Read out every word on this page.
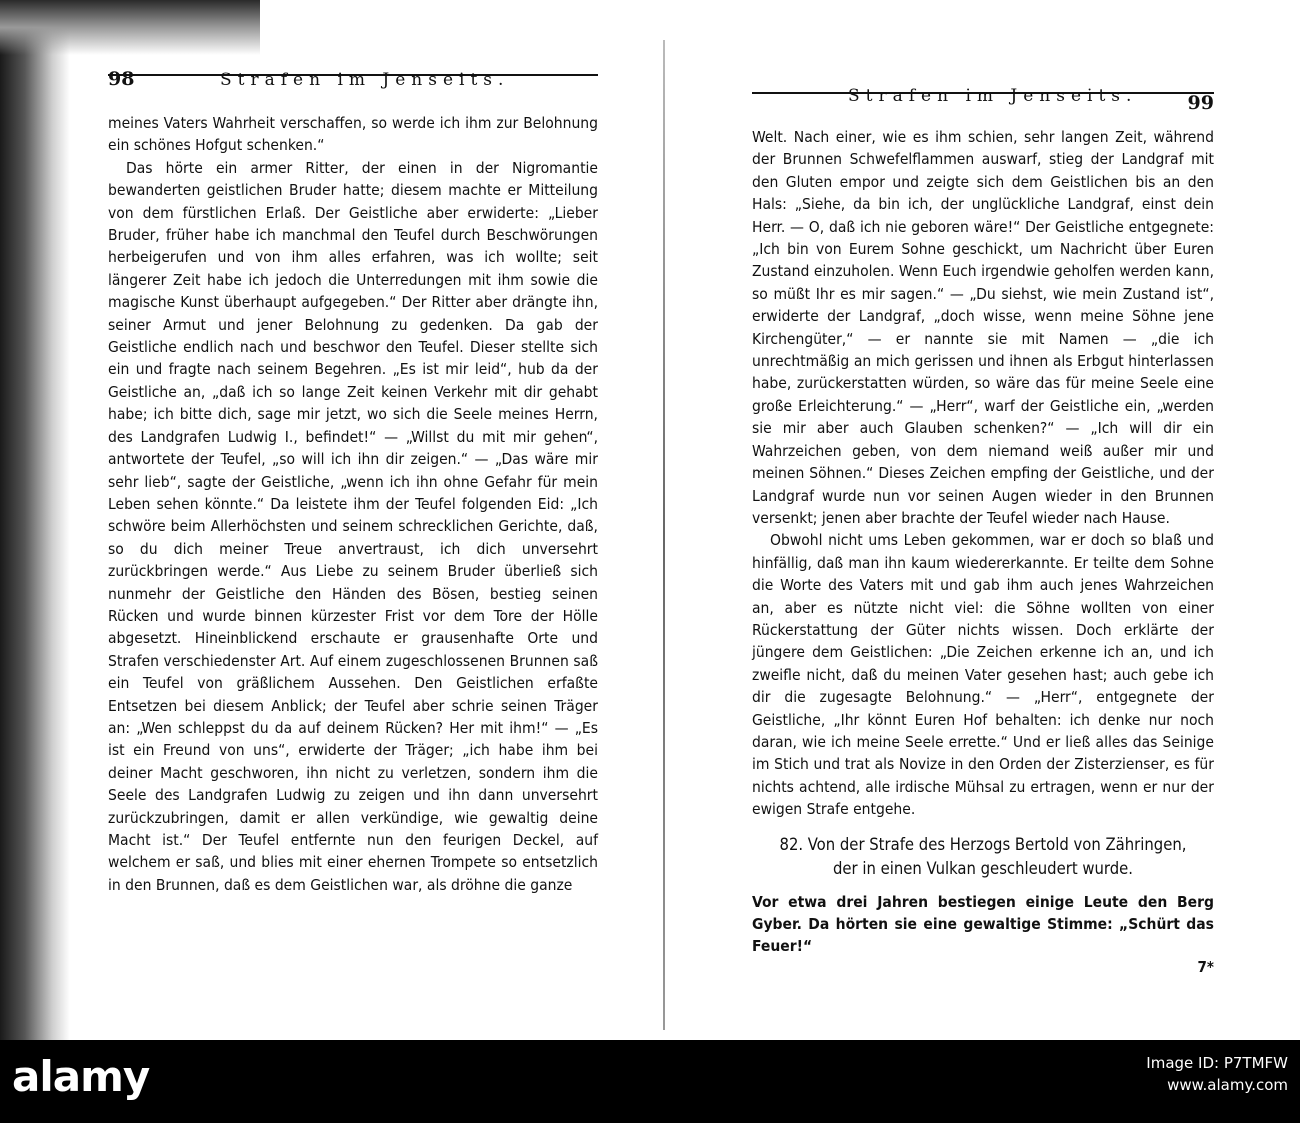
98	Strafen im Jenseits.

meines Vaters Wahrheit verschaffen, so werde ich ihm zur Belohnung ein schönes Hofgut schenken.“

Das hörte ein armer Ritter, der einen in der Nigromantie bewanderten geistlichen Bruder hatte; diesem machte er Mitteilung von dem fürstlichen Erlaß. Der Geistliche aber erwiderte: „Lieber Bruder, früher habe ich manchmal den Teufel durch Beschwörungen herbeigerufen und von ihm alles erfahren, was ich wollte; seit längerer Zeit habe ich jedoch die Unterredungen mit ihm sowie die magische Kunst überhaupt aufgegeben.“ Der Ritter aber drängte ihn, seiner Armut und jener Belohnung zu gedenken. Da gab der Geistliche endlich nach und beschwor den Teufel. Dieser stellte sich ein und fragte nach seinem Begehren. „Es ist mir leid“, hub da der Geistliche an, „daß ich so lange Zeit keinen Verkehr mit dir gehabt habe; ich bitte dich, sage mir jetzt, wo sich die Seele meines Herrn, des Landgrafen Ludwig I., befindet!“ — „Willst du mit mir gehen“, antwortete der Teufel, „so will ich ihn dir zeigen.“ — „Das wäre mir sehr lieb“, sagte der Geistliche, „wenn ich ihn ohne Gefahr für mein Leben sehen könnte.“ Da leistete ihm der Teufel folgenden Eid: „Ich schwöre beim Allerhöchsten und seinem schrecklichen Gerichte, daß, so du dich meiner Treue anvertraust, ich dich unversehrt zurückbringen werde.“ Aus Liebe zu seinem Bruder überließ sich nunmehr der Geistliche den Händen des Bösen, bestieg seinen Rücken und wurde binnen kürzester Frist vor dem Tore der Hölle abgesetzt. Hineinblickend erschaute er grausenhafte Orte und Strafen verschiedenster Art. Auf einem zugeschlossenen Brunnen saß ein Teufel von gräßlichem Aussehen. Den Geistlichen erfaßte Entsetzen bei diesem Anblick; der Teufel aber schrie seinen Träger an: „Wen schleppst du da auf deinem Rücken? Her mit ihm!“ — „Es ist ein Freund von uns“, erwiderte der Träger; „ich habe ihm bei deiner Macht geschworen, ihn nicht zu verletzen, sondern ihm die Seele des Landgrafen Ludwig zu zeigen und ihn dann unversehrt zurückzubringen, damit er allen verkündige, wie gewaltig deine Macht ist.“ Der Teufel entfernte nun den feurigen Deckel, auf welchem er saß, und blies mit einer ehernen Trompete so entsetzlich in den Brunnen, daß es dem Geistlichen war, als dröhne die ganze

Strafen im Jenseits.	99

Welt. Nach einer, wie es ihm schien, sehr langen Zeit, während der Brunnen Schwefelflammen auswarf, stieg der Landgraf mit den Gluten empor und zeigte sich dem Geistlichen bis an den Hals: „Siehe, da bin ich, der unglückliche Landgraf, einst dein Herr. — O, daß ich nie geboren wäre!“ Der Geistliche entgegnete: „Ich bin von Eurem Sohne geschickt, um Nachricht über Euren Zustand einzuholen. Wenn Euch irgendwie geholfen werden kann, so müßt Ihr es mir sagen.“ — „Du siehst, wie mein Zustand ist“, erwiderte der Landgraf, „doch wisse, wenn meine Söhne jene Kirchengüter,“ — er nannte sie mit Namen — „die ich unrechtmäßig an mich gerissen und ihnen als Erbgut hinterlassen habe, zurückerstatten würden, so wäre das für meine Seele eine große Erleichterung.“ — „Herr“, warf der Geistliche ein, „werden sie mir aber auch Glauben schenken?“ — „Ich will dir ein Wahrzeichen geben, von dem niemand weiß außer mir und meinen Söhnen.“ Dieses Zeichen empfing der Geistliche, und der Landgraf wurde nun vor seinen Augen wieder in den Brunnen versenkt; jenen aber brachte der Teufel wieder nach Hause.

Obwohl nicht ums Leben gekommen, war er doch so blaß und hinfällig, daß man ihn kaum wiedererkannte. Er teilte dem Sohne die Worte des Vaters mit und gab ihm auch jenes Wahrzeichen an, aber es nützte nicht viel: die Söhne wollten von einer Rückerstattung der Güter nichts wissen. Doch erklärte der jüngere dem Geistlichen: „Die Zeichen erkenne ich an, und ich zweifle nicht, daß du meinen Vater gesehen hast; auch gebe ich dir die zugesagte Belohnung.“ — „Herr“, entgegnete der Geistliche, „Ihr könnt Euren Hof behalten: ich denke nur noch daran, wie ich meine Seele errette.“ Und er ließ alles das Seinige im Stich und trat als Novize in den Orden der Zisterzienser, es für nichts achtend, alle irdische Mühsal zu ertragen, wenn er nur der ewigen Strafe entgehe.

82. Von der Strafe des Herzogs Bertold von Zähringen,
der in einen Vulkan geschleudert wurde.

Vor etwa drei Jahren bestiegen einige Leute den Berg Gyber. Da hörten sie eine gewaltige Stimme: „Schürt das Feuer!“

7*
alamy	Image ID: P7TMFW
www.alamy.com
